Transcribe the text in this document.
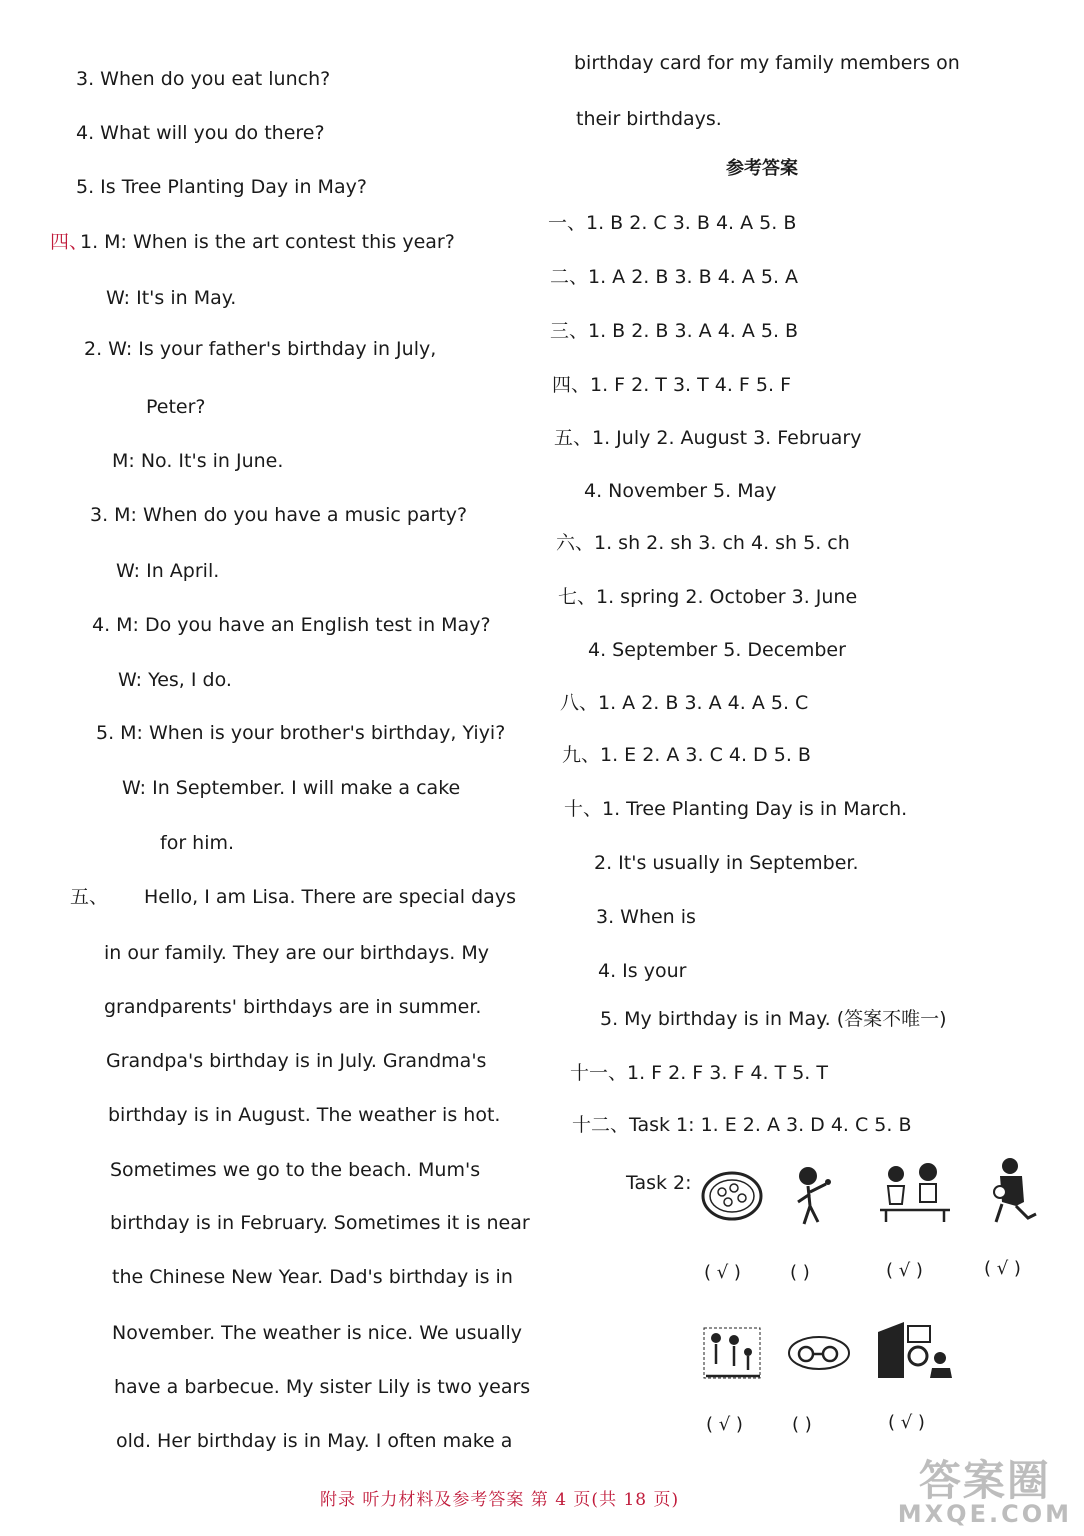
3. When do you eat lunch?
4. What will you do there?
5. Is Tree Planting Day in May?
四、
1. M: When is the art contest this year?
W: It's in May.
2. W: Is your father's birthday in July,
Peter?
M: No. It's in June.
3. M: When do you have a music party?
W: In April.
4. M: Do you have an English test in May?
W: Yes, I do.
5. M: When is your brother's birthday, Yiyi?
W: In September. I will make a cake
for him.
五、 Hello, I am Lisa. There are special days
in our family. They are our birthdays. My
grandparents' birthdays are in summer.
Grandpa's birthday is in July. Grandma's
birthday is in August. The weather is hot.
Sometimes we go to the beach. Mum's
birthday is in February. Sometimes it is near
the Chinese New Year. Dad's birthday is in
November. The weather is nice. We usually
have a barbecue. My sister Lily is two years
old. Her birthday is in May. I often make a
birthday card for my family members on
their birthdays.
参考答案
一、1. B 2. C 3. B 4. A 5. B
二、1. A 2. B 3. B 4. A 5. A
三、1. B 2. B 3. A 4. A 5. B
四、1. F 2. T 3. T 4. F 5. F
五、1. July 2. August 3. February
4. November 5. May
六、1. sh 2. sh 3. ch 4. sh 5. ch
七、1. spring 2. October 3. June
4. September 5. December
八、1. A 2. B 3. A 4. A 5. C
九、1. E 2. A 3. C 4. D 5. B
十、1. Tree Planting Day is in March.
2. It's usually in September.
3. When is
4. Is your
5. My birthday is in May. (答案不唯一)
十一、1. F 2. F 3. F 4. T 5. T
十二、Task 1: 1. E 2. A 3. D 4. C 5. B
Task 2:
( √ )	( )	( √ )	( √ )
( √ )	( )	( √ )
附录 听力材料及参考答案 第 4 页(共 18 页)	答案圈
MXQE.COM
